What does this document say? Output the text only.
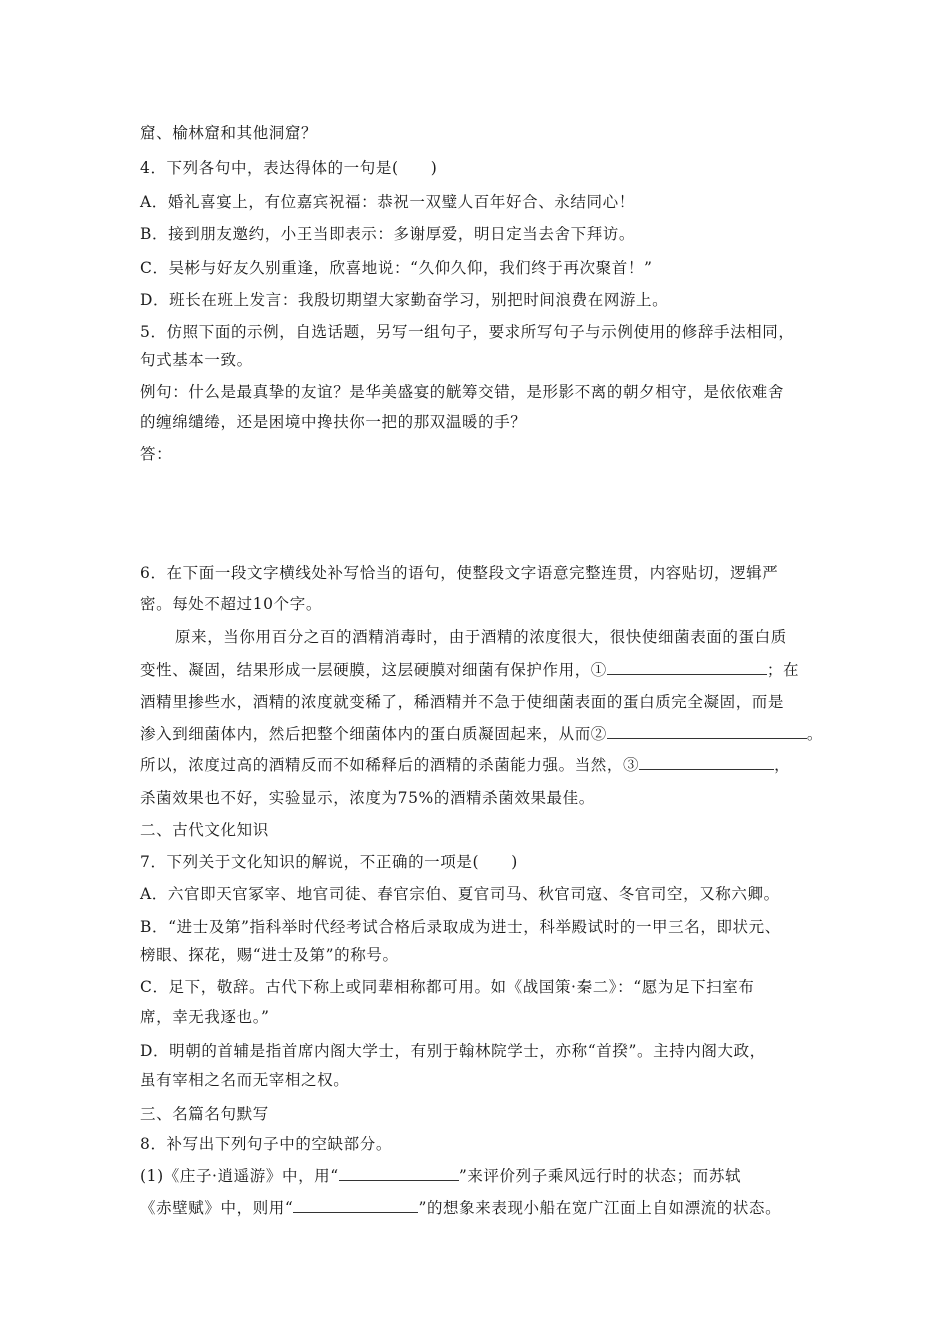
窟、榆林窟和其他洞窟？
4．下列各句中，表达得体的一句是(　　)
A．婚礼喜宴上，有位嘉宾祝福：恭祝一双璧人百年好合、永结同心！
B．接到朋友邀约，小王当即表示：多谢厚爱，明日定当去舍下拜访。
C．吴彬与好友久别重逢，欣喜地说：“久仰久仰，我们终于再次聚首！”
D．班长在班上发言：我殷切期望大家勤奋学习，别把时间浪费在网游上。
5．仿照下面的示例，自选话题，另写一组句子，要求所写句子与示例使用的修辞手法相同，
句式基本一致。
例句：什么是最真挚的友谊？是华美盛宴的觥筹交错，是形影不离的朝夕相守，是依依难舍
的缠绵缱绻，还是困境中搀扶你一把的那双温暖的手？
答：
6．在下面一段文字横线处补写恰当的语句，使整段文字语意完整连贯，内容贴切，逻辑严
密。每处不超过10个字。
原来，当你用百分之百的酒精消毒时，由于酒精的浓度很大，很快使细菌表面的蛋白质
变性、凝固，结果形成一层硬膜，这层硬膜对细菌有保护作用，①	；在
酒精里掺些水，酒精的浓度就变稀了，稀酒精并不急于使细菌表面的蛋白质完全凝固，而是
渗入到细菌体内，然后把整个细菌体内的蛋白质凝固起来，从而②	。
所以，浓度过高的酒精反而不如稀释后的酒精的杀菌能力强。当然，③	，
杀菌效果也不好，实验显示，浓度为75%的酒精杀菌效果最佳。
二、古代文化知识
7．下列关于文化知识的解说，不正确的一项是(　　)
A．六官即天官冢宰、地官司徒、春官宗伯、夏官司马、秋官司寇、冬官司空，又称六卿。
B．“进士及第”指科举时代经考试合格后录取成为进士，科举殿试时的一甲三名，即状元、
榜眼、探花，赐“进士及第”的称号。
C．足下，敬辞。古代下称上或同辈相称都可用。如《战国策·秦二》：“愿为足下扫室布
席，幸无我逐也。”
D．明朝的首辅是指首席内阁大学士，有别于翰林院学士，亦称“首揆”。主持内阁大政，
虽有宰相之名而无宰相之权。
三、名篇名句默写
8．补写出下列句子中的空缺部分。
(1)《庄子·逍遥游》中，用“	”来评价列子乘风远行时的状态；而苏轼
《赤壁赋》中，则用“	”的想象来表现小船在宽广江面上自如漂流的状态。
